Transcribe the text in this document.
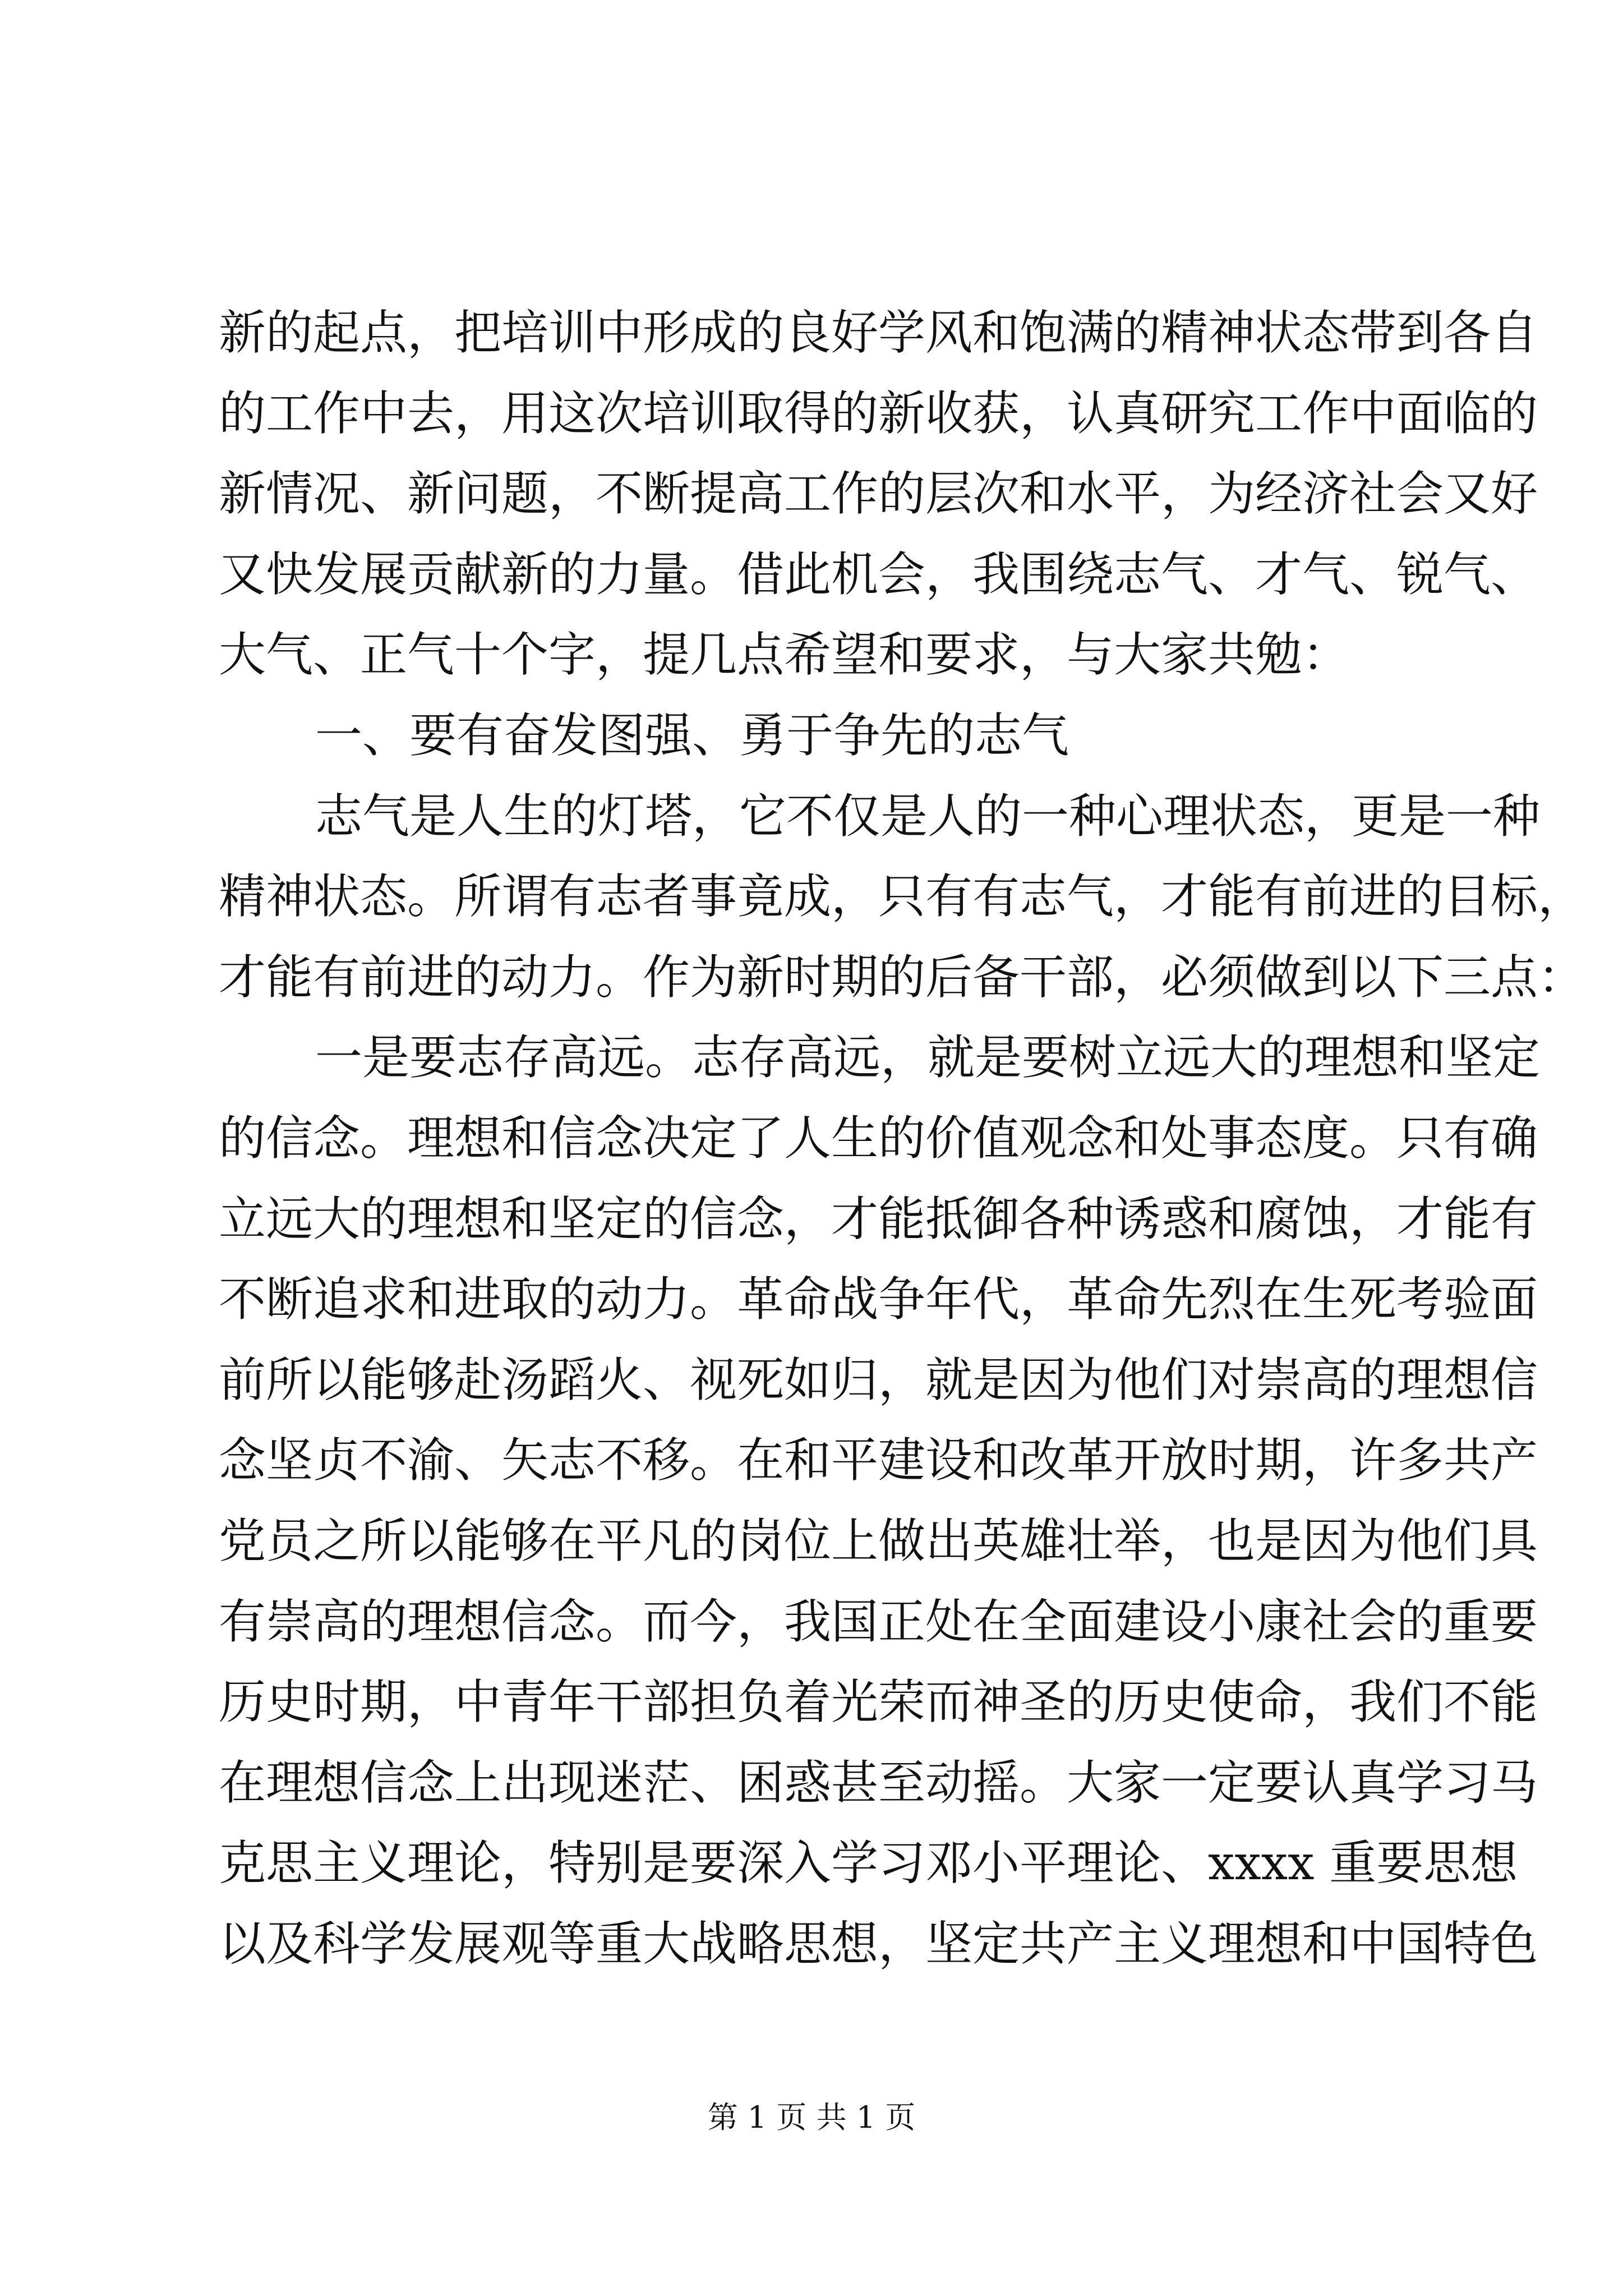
新的起点，把培训中形成的良好学风和饱满的精神状态带到各自
的工作中去，用这次培训取得的新收获，认真研究工作中面临的
新情况、新问题，不断提高工作的层次和水平，为经济社会又好
又快发展贡献新的力量。借此机会，我围绕志气、才气、锐气、
大气、正气十个字，提几点希望和要求，与大家共勉：
一、要有奋发图强、勇于争先的志气
志气是人生的灯塔，它不仅是人的一种心理状态，更是一种
精神状态。所谓有志者事竟成，只有有志气，才能有前进的目标，
才能有前进的动力。作为新时期的后备干部，必须做到以下三点：
一是要志存高远。志存高远，就是要树立远大的理想和坚定
的信念。理想和信念决定了人生的价值观念和处事态度。只有确
立远大的理想和坚定的信念，才能抵御各种诱惑和腐蚀，才能有
不断追求和进取的动力。革命战争年代，革命先烈在生死考验面
前所以能够赴汤蹈火、视死如归，就是因为他们对崇高的理想信
念坚贞不渝、矢志不移。在和平建设和改革开放时期，许多共产
党员之所以能够在平凡的岗位上做出英雄壮举，也是因为他们具
有崇高的理想信念。而今，我国正处在全面建设小康社会的重要
历史时期，中青年干部担负着光荣而神圣的历史使命，我们不能
在理想信念上出现迷茫、困惑甚至动摇。大家一定要认真学习马
克思主义理论，特别是要深入学习邓小平理论、xxxx 重要思想
以及科学发展观等重大战略思想，坚定共产主义理想和中国特色
第 1 页 共 1 页
